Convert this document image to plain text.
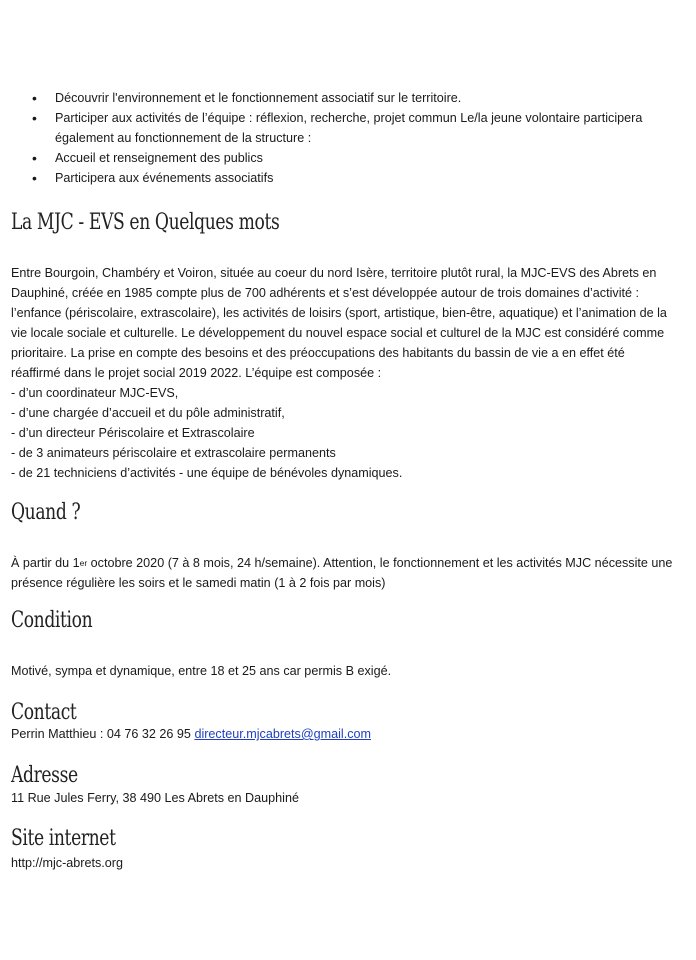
• Découvrir l'environnement et le fonctionnement associatif sur le territoire.
• Participer aux activités de l’équipe : réflexion, recherche, projet commun Le/la jeune volontaire participera également au fonctionnement de la structure :
• Accueil et renseignement des publics
• Participera aux événements associatifs
La MJC - EVS en Quelques mots

Entre Bourgoin, Chambéry et Voiron, située au coeur du nord Isère, territoire plutôt rural, la MJC-EVS des Abrets en Dauphiné, créée en 1985 compte plus de 700 adhérents et s’est développée autour de trois domaines d’activité : l’enfance (périscolaire, extrascolaire), les activités de loisirs (sport, artistique, bien-être, aquatique) et l’animation de la vie locale sociale et culturelle. Le développement du nouvel espace social et culturel de la MJC est considéré comme prioritaire. La prise en compte des besoins et des préoccupations des habitants du bassin de vie a en effet été réaffirmé dans le projet social 2019 2022. L’équipe est composée :

- d’un coordinateur MJC-EVS,

- d’une chargée d’accueil et du pôle administratif,

- d’un directeur Périscolaire et Extrascolaire

- de 3 animateurs périscolaire et extrascolaire permanents

- de 21 techniciens d’activités - une équipe de bénévoles dynamiques.

Quand ?
À partir du 1er octobre 2020 (7 à 8 mois, 24 h/semaine). Attention, le fonctionnement et les activités MJC nécessite une présence régulière les soirs et le samedi matin (1 à 2 fois par mois)
Condition

Motivé, sympa et dynamique, entre 18 et 25 ans car permis B exigé.

Contact
Perrin Matthieu : 04 76 32 26 95 directeur.mjcabrets@gmail.com
Adresse

11 Rue Jules Ferry, 38 490 Les Abrets en Dauphiné

Site internet

http://mjc-abrets.org
